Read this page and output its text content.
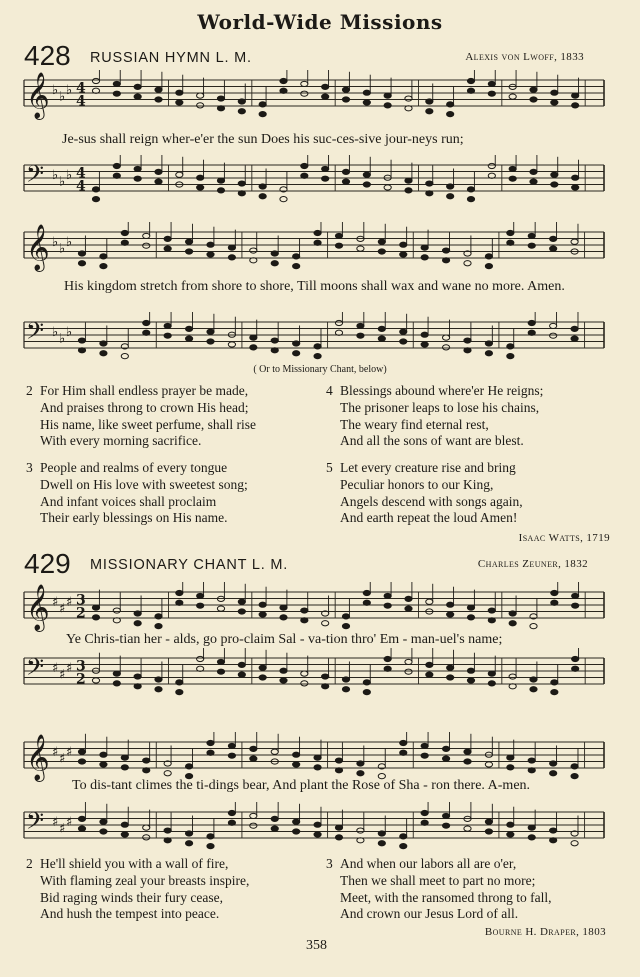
World-Wide Missions
428 RUSSIAN HYMN L. M.	Alexis von Lwoff, 1833
𝄞 ♭ ♭ ♭ 4
4
Je-sus shall reign wher-e'er the sun Does his suc-ces-sive jour-neys run;
𝄢 ♭ ♭ ♭ 4
4
𝄞 ♭ ♭ ♭
His kingdom stretch from shore to shore, Till moons shall wax and wane no more. Amen.
𝄢 ♭ ♭ ♭
( Or to Missionary Chant, below)
2 For Him shall endless prayer be made,
And praises throng to crown His head;
His name, like sweet perfume, shall rise
With every morning sacrifice.
3 People and realms of every tongue
Dwell on His love with sweetest song;
And infant voices shall proclaim
Their early blessings on His name.
4 Blessings abound where'er He reigns;
The prisoner leaps to lose his chains,
The weary find eternal rest,
And all the sons of want are blest.
5 Let every creature rise and bring
Peculiar honors to our King,
Angels descend with songs again,
And earth repeat the loud Amen!
Isaac Watts, 1719
429 MISSIONARY CHANT L. M.	Charles Zeuner, 1832
𝄞 ♯ ♯ ♯ 3
2
Ye Chris-tian her - alds, go pro-claim Sal - va-tion thro' Em - man-uel's name;
𝄢 ♯ ♯ ♯ 3
2
𝄞 ♯ ♯ ♯
To dis-tant climes the ti-dings bear, And plant the Rose of Sha - ron there. A-men.
𝄢 ♯ ♯ ♯
2 He'll shield you with a wall of fire,
With flaming zeal your breasts inspire,
Bid raging winds their fury cease,
And hush the tempest into peace.
3 And when our labors all are o'er,
Then we shall meet to part no more;
Meet, with the ransomed throng to fall,
And crown our Jesus Lord of all.
Bourne H. Draper, 1803
358
